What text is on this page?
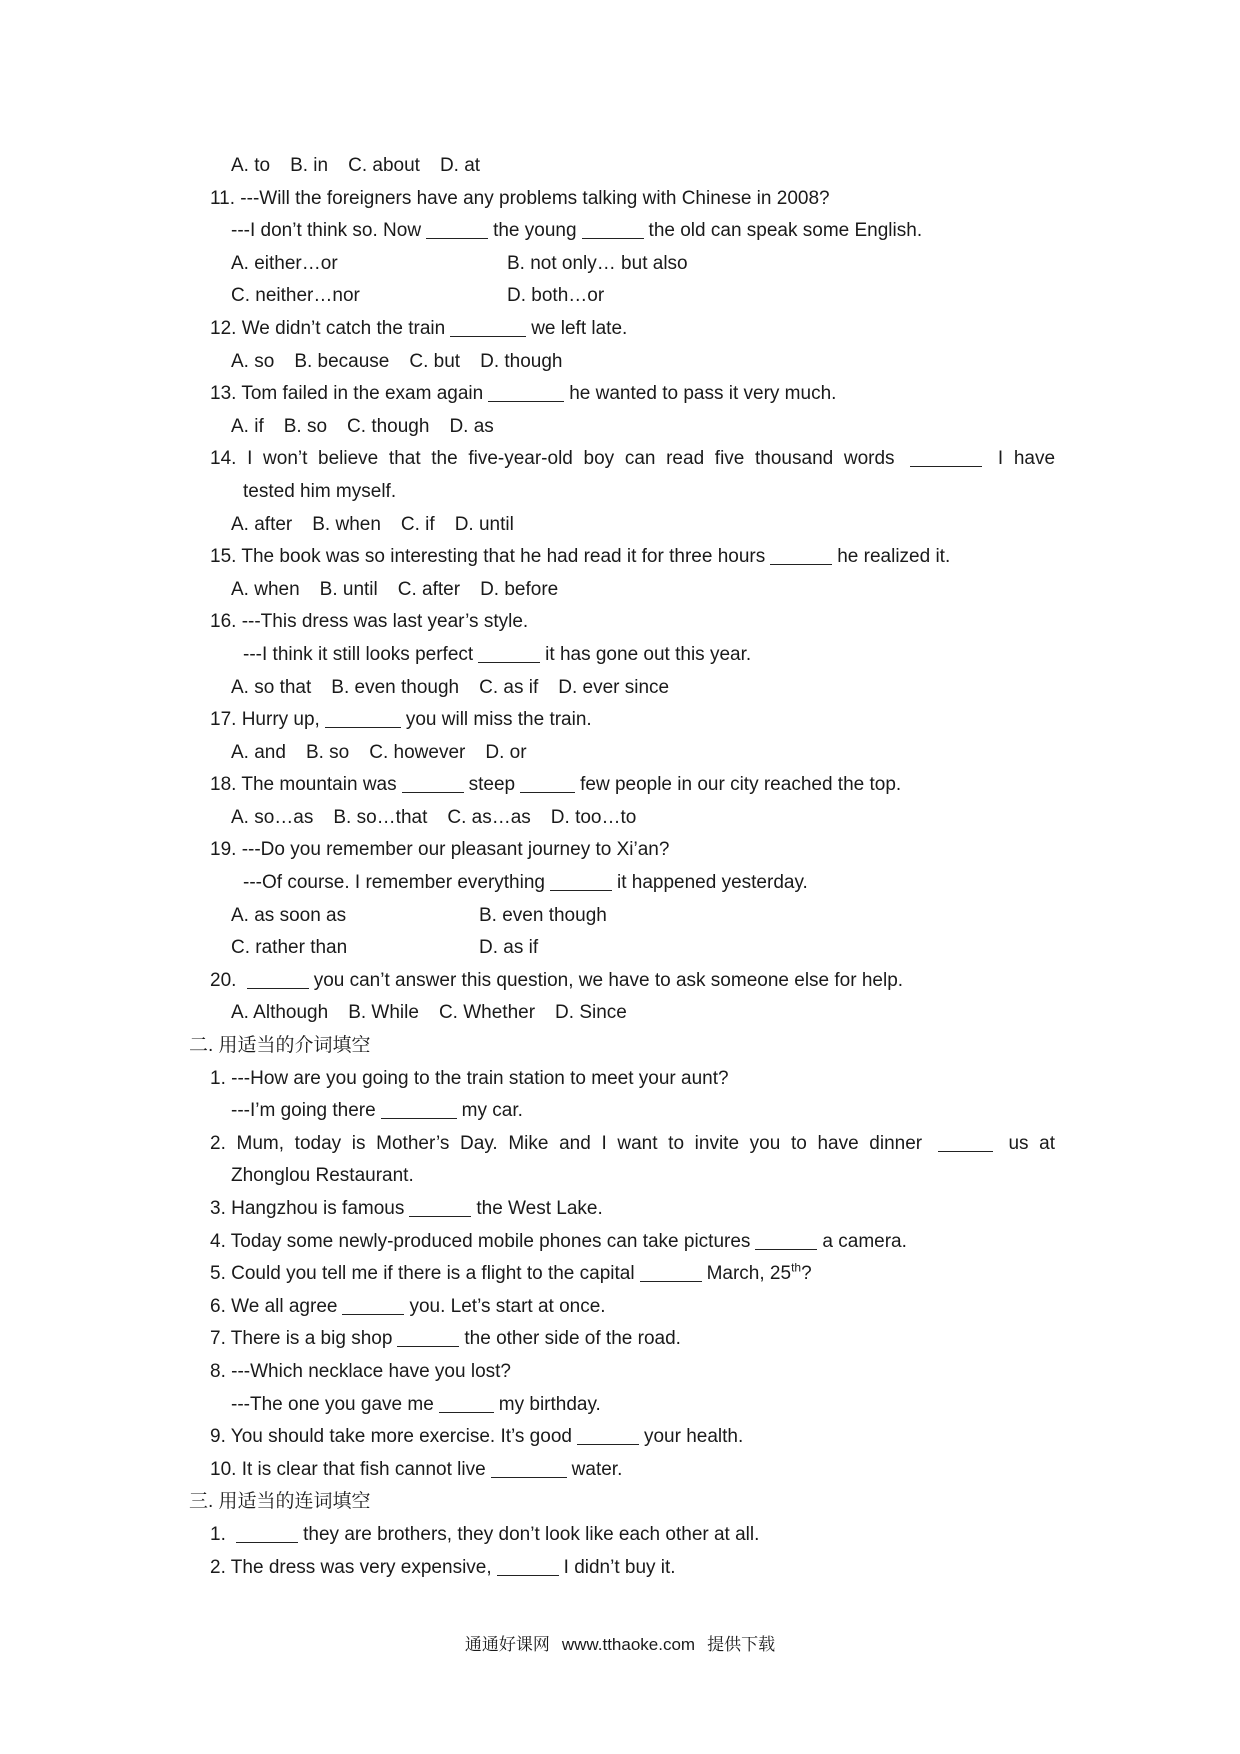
A. to B. in C. about D. at
11. ---Will the foreigners have any problems talking with Chinese in 2008?
---I don’t think so. Now	the young	the old can speak some English.
A. either…or	B. not only… but also
C. neither…nor	D. both…or
12. We didn’t catch the train	we left late.
A. so B. because C. but D. though
13. Tom failed in the exam again	he wanted to pass it very much.
A. if B. so C. though D. as
14. I won’t believe that the five-year-old boy can read five thousand words	I have
tested him myself.
A. after B. when C. if D. until
15. The book was so interesting that he had read it for three hours	he realized it.
A. when B. until C. after D. before
16. ---This dress was last year’s style.
---I think it still looks perfect	it has gone out this year.
A. so that B. even though C. as if D. ever since
17. Hurry up,	you will miss the train.
A. and B. so C. however D. or
18. The mountain was	steep	few people in our city reached the top.
A. so…as B. so…that C. as…as D. too…to
19. ---Do you remember our pleasant journey to Xi’an?
---Of course. I remember everything	it happened yesterday.
A. as soon as	B. even though
C. rather than	D. as if
20.	you can’t answer this question, we have to ask someone else for help.
A. Although B. While C. Whether D. Since
二. 用适当的介词填空
1. ---How are you going to the train station to meet your aunt?
---I’m going there	my car.
2. Mum, today is Mother’s Day. Mike and I want to invite you to have dinner	us at
Zhonglou Restaurant.
3. Hangzhou is famous	the West Lake.
4. Today some newly-produced mobile phones can take pictures	a camera.
5. Could you tell me if there is a flight to the capital	March, 25th?
6. We all agree	you. Let’s start at once.
7. There is a big shop	the other side of the road.
8. ---Which necklace have you lost?
---The one you gave me	my birthday.
9. You should take more exercise. It’s good	your health.
10. It is clear that fish cannot live	water.
三. 用适当的连词填空
1.	they are brothers, they don’t look like each other at all.
2. The dress was very expensive,	I didn’t buy it.
通通好课网 www.tthaoke.com 提供下载
